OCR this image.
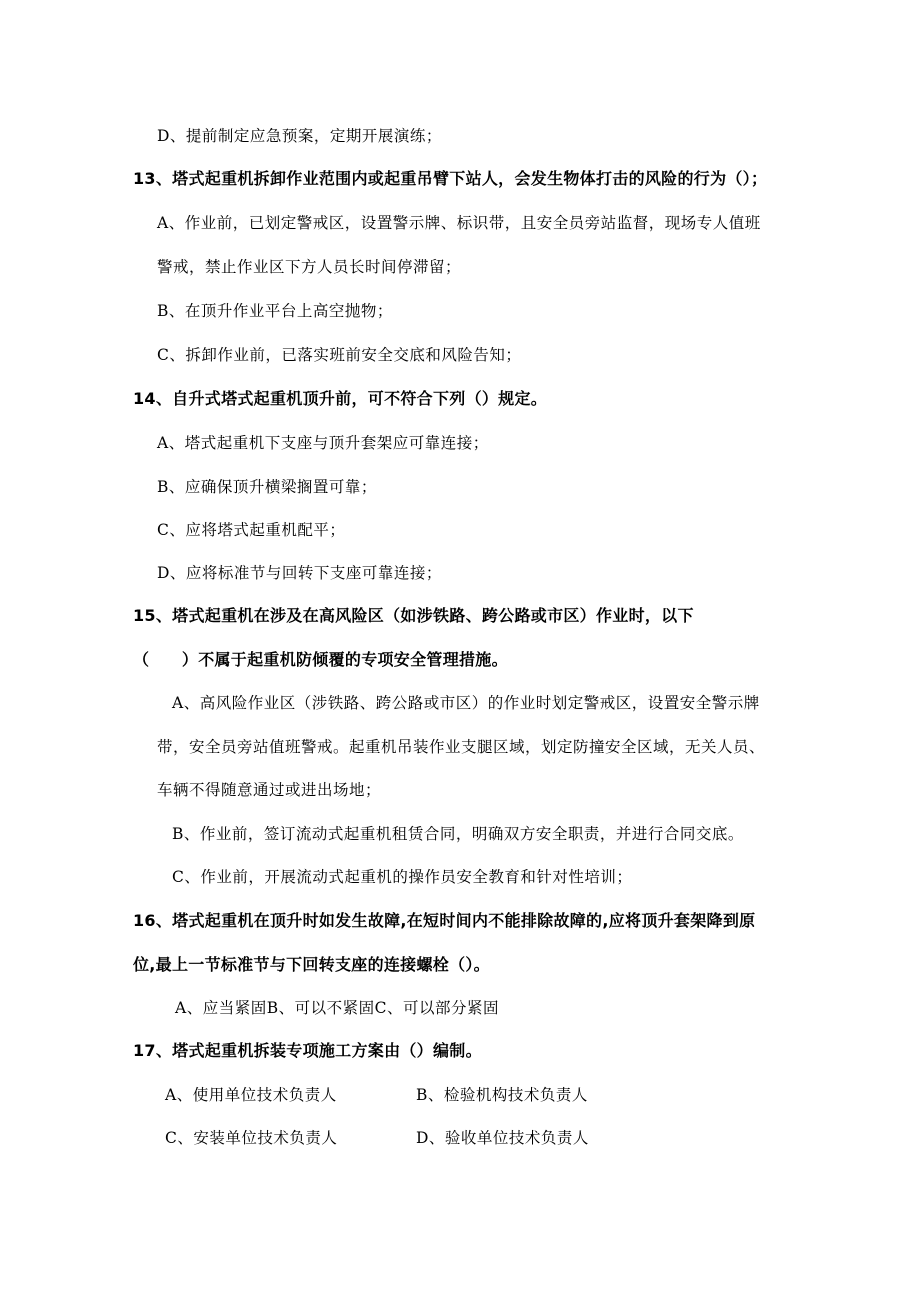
D、提前制定应急预案，定期开展演练；
13、塔式起重机拆卸作业范围内或起重吊臂下站人，会发生物体打击的风险的行为（）；
A、作业前，已划定警戒区，设置警示牌、标识带，且安全员旁站监督，现场专人值班
警戒，禁止作业区下方人员长时间停滞留；
B、在顶升作业平台上高空抛物；
C、拆卸作业前，已落实班前安全交底和风险告知；
14、自升式塔式起重机顶升前，可不符合下列（）规定。
A、塔式起重机下支座与顶升套架应可靠连接；
B、应确保顶升横梁搁置可靠；
C、应将塔式起重机配平；
D、应将标准节与回转下支座可靠连接；
15、塔式起重机在涉及在高风险区（如涉铁路、跨公路或市区）作业时，以下
（　　）不属于起重机防倾覆的专项安全管理措施。
A、高风险作业区（涉铁路、跨公路或市区）的作业时划定警戒区，设置安全警示牌
带，安全员旁站值班警戒。起重机吊装作业支腿区域，划定防撞安全区域，无关人员、
车辆不得随意通过或进出场地；
B、作业前，签订流动式起重机租赁合同，明确双方安全职责，并进行合同交底。
C、作业前，开展流动式起重机的操作员安全教育和针对性培训；
16、塔式起重机在顶升时如发生故障,在短时间内不能排除故障的,应将顶升套架降到原
位,最上一节标准节与下回转支座的连接螺栓（）。
A、应当紧固B、可以不紧固C、可以部分紧固
17、塔式起重机拆装专项施工方案由（）编制。
A、使用单位技术负责人	B、检验机构技术负责人
C、安装单位技术负责人	D、验收单位技术负责人
